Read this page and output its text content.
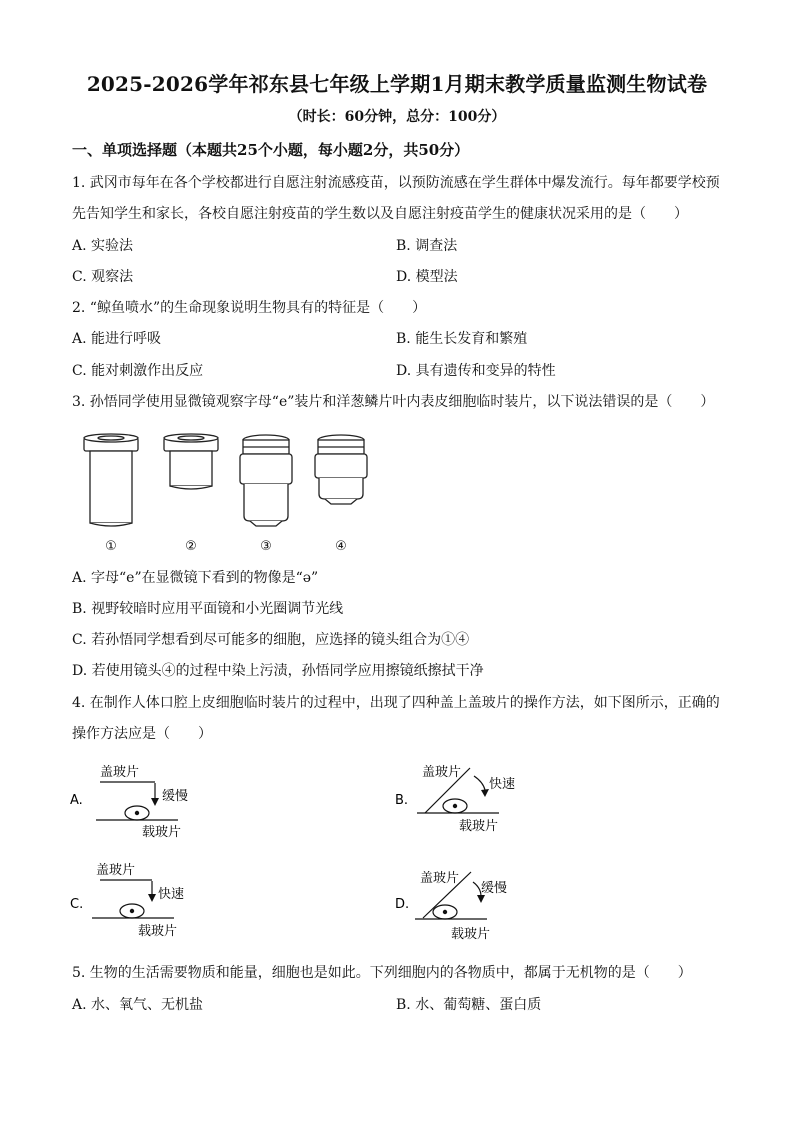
2025-2026学年祁东县七年级上学期1月期末教学质量监测生物试卷
（时长：60分钟，总分：100分）
一、单项选择题（本题共25个小题，每小题2分，共50分）
1. 武冈市每年在各个学校都进行自愿注射流感疫苗，以预防流感在学生群体中爆发流行。每年都要学校预
先告知学生和家长，各校自愿注射疫苗的学生数以及自愿注射疫苗学生的健康状况采用的是（　　）
A. 实验法	B. 调查法
C. 观察法	D. 模型法
2. “鲸鱼喷水”的生命现象说明生物具有的特征是（　　）
A. 能进行呼吸	B. 能生长发育和繁殖
C. 能对刺激作出反应	D. 具有遗传和变异的特性
3. 孙悟同学使用显微镜观察字母“e”装片和洋葱鳞片叶内表皮细胞临时装片，以下说法错误的是（　　）
①	②	③	④
A. 字母“e”在显微镜下看到的物像是“ə”
B. 视野较暗时应用平面镜和小光圈调节光线
C. 若孙悟同学想看到尽可能多的细胞，应选择的镜头组合为①④
D. 若使用镜头④的过程中染上污渍，孙悟同学应用擦镜纸擦拭干净
4. 在制作人体口腔上皮细胞临时装片的过程中，出现了四种盖上盖玻片的操作方法，如下图所示，正确的
操作方法应是（　　）
A.
盖玻片
缓慢
载玻片
B.
盖玻片
快速
载玻片
C.
盖玻片
快速
载玻片
D.
盖玻片
缓慢
载玻片
5. 生物的生活需要物质和能量，细胞也是如此。下列细胞内的各物质中，都属于无机物的是（　　）
A. 水、氧气、无机盐	B. 水、葡萄糖、蛋白质
